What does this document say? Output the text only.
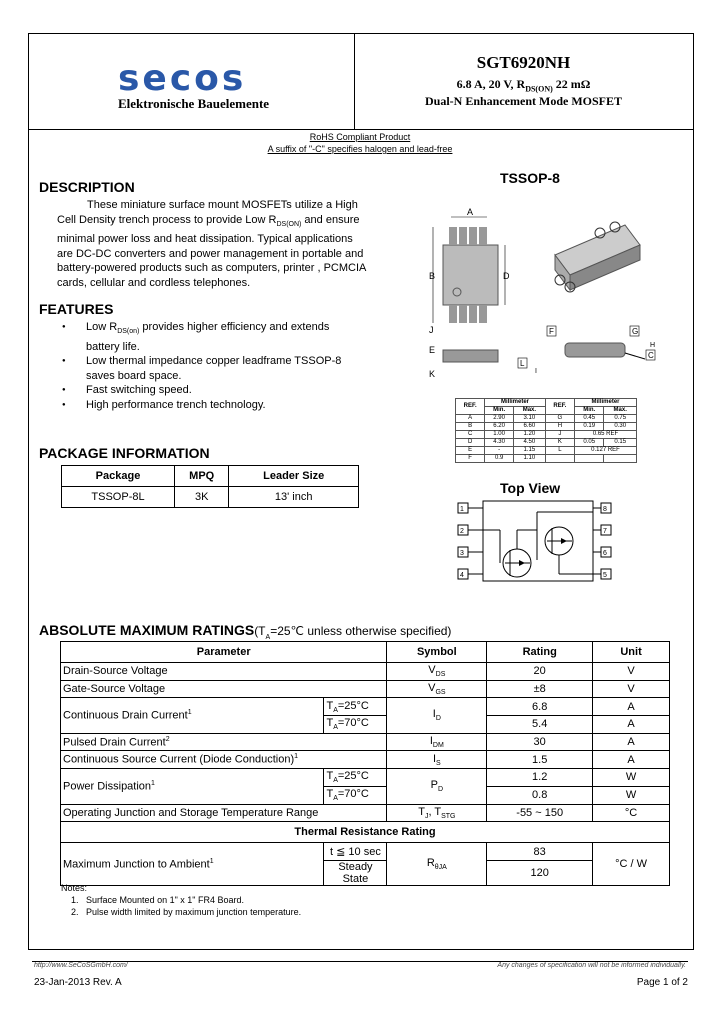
secos
Elektronische Bauelemente
SGT6920NH
6.8 A, 20 V, $R_{DS(ON)}$ 22 mΩ
Dual-N Enhancement Mode MOSFET
RoHS Compliant Product
A suffix of "-C" specifies halogen and lead-free
DESCRIPTION
These miniature surface mount MOSFETs utilize a High
Cell Density trench process to provide Low $R_{DS(ON)}$ and ensure
minimal power loss and heat dissipation. Typical applications
are DC-DC converters and power management in portable and
battery-powered products such as computers, printer , PCMCIA
cards, cellular and cordless telephones.
FEATURES
● Low $R_{DS(on)}$ provides higher efficiency and extends
battery life.
● Low thermal impedance copper leadframe TSSOP-8
saves board space.
● Fast switching speed.
● High performance trench technology.
PACKAGE INFORMATION
Package	MPQ	Leader Size
TSSOP-8L	3K	13' inch
TSSOP-8
A
B	D
J
E
K
L
F	G
C
H
I
REF.	Millimeter		REF.	Millimeter	
	Min.	Max.		Min.	Max.
A	2.90	3.10	G	0.45	0.75
B	6.20	6.60	H	0.19	0.30
C	1.00	1.20	J	0.65 REF	
D	4.30	4.50	K	0.05	0.15
E	-	1.15	L	0.127 REF	
F	0.9	1.10			
Top View
1
2
3
4
8
7
6
5
ABSOLUTE MAXIMUM $RATINGS(T_A=25℃$ unless otherwise specified)
Parameter		Symbol	Rating	Unit
Drain-Source Voltage		$V_{DS}$	20	V
Gate-Source Voltage		$V_{GS}$	±8	V
Continuous Drain Current$^1$	$T_A=25^\circ C$	$I_D$	6.8	A
	$T_A=70^\circ C$		5.4	A
Pulsed Drain Current$^2$		$I_{DM}$	30	A
Continuous Source Current (Diode Conduction)$^1$		$I_S$	1.5	A
Power Dissipation$^1$	$T_A=25^\circ C$	$P_D$	1.2	W
	$T_A=70^\circ C$		0.8	W
Operating Junction and Storage Temperature Range		$T_J$, $T_{STG}$	-55 ~ 150	°C
Thermal Resistance Rating				
Maximum Junction to Ambient$^1$	t ≦ 10 sec	$R_{\theta JA}$	83	°C / W
	Steady State		120	
Notes:
1. Surface Mounted on 1" x 1" FR4 Board.
2. Pulse width limited by maximum junction temperature.
http://www.SeCoSGmbH.com/	Any changes of specification will not be informed individually.
23-Jan-2013 Rev. A	Page 1 of 2
